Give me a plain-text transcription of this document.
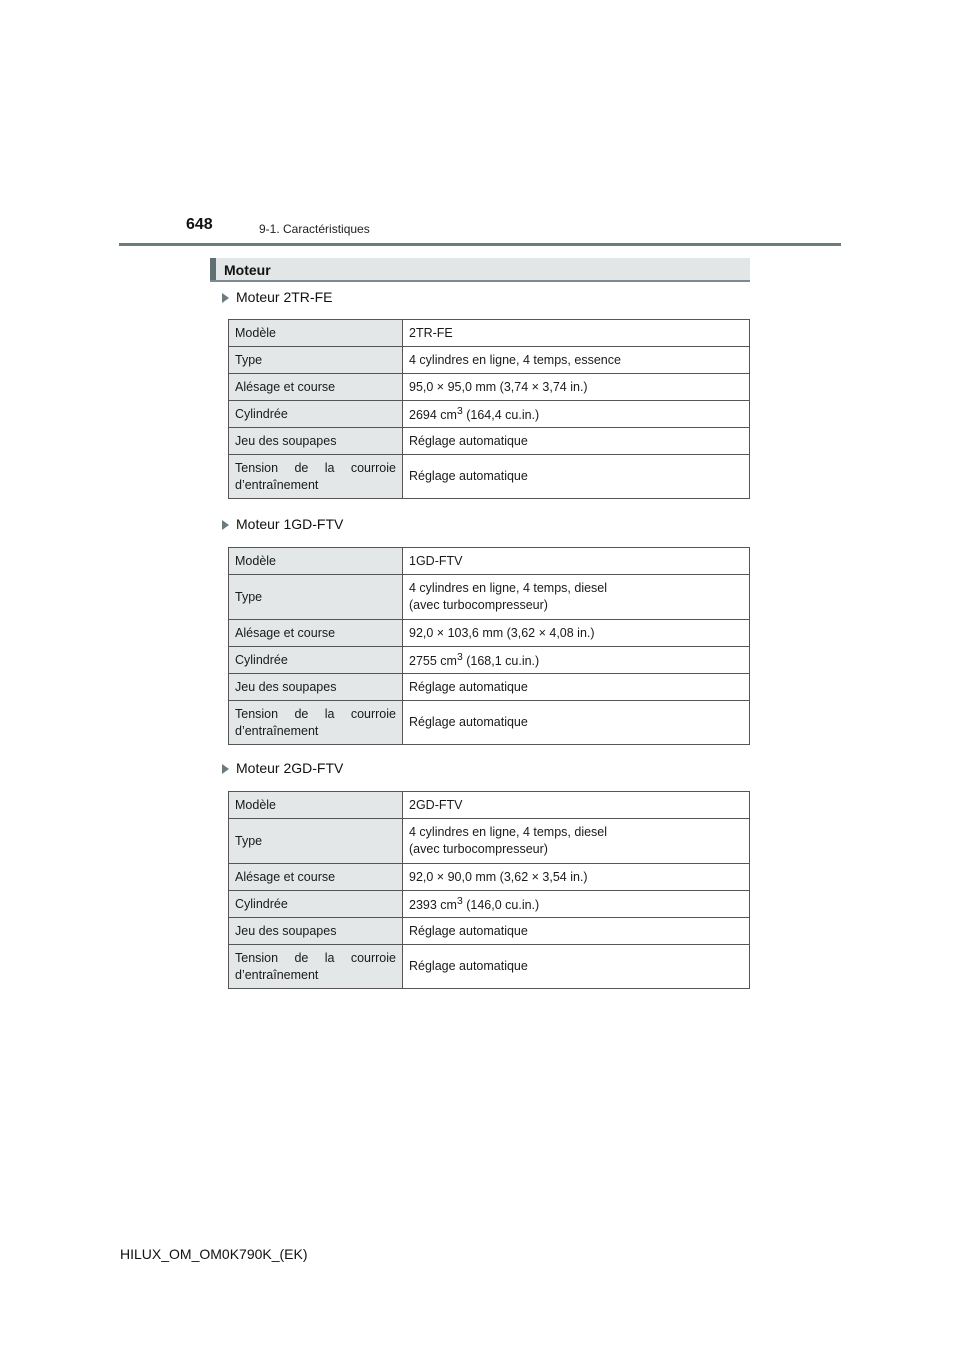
648	9-1. Caractéristiques
Moteur
Moteur 2TR-FE
Modèle	2TR-FE
Type	4 cylindres en ligne, 4 temps, essence
Alésage et course	95,0 × 95,0 mm (3,74 × 3,74 in.)
Cylindrée	2694 $cm^3$ (164,4 cu.in.)
Jeu des soupapes	Réglage automatique

Tension de la courroie
d’entraînement	Réglage automatique
Moteur 1GD-FTV
Modèle	1GD-FTV
Type	4 cylindres en ligne, 4 temps, diesel
(avec turbocompresseur)

Alésage et course	92,0 × 103,6 mm (3,62 × 4,08 in.)
Cylindrée	2755 $cm^3$ (168,1 cu.in.)
Jeu des soupapes	Réglage automatique

Tension de la courroie
d’entraînement	Réglage automatique
Moteur 2GD-FTV
Modèle	2GD-FTV
Type	4 cylindres en ligne, 4 temps, diesel
(avec turbocompresseur)

Alésage et course	92,0 × 90,0 mm (3,62 × 3,54 in.)
Cylindrée	2393 $cm^3$ (146,0 cu.in.)
Jeu des soupapes	Réglage automatique

Tension de la courroie
d’entraînement	Réglage automatique
HILUX_OM_OM0K790K_(EK)
